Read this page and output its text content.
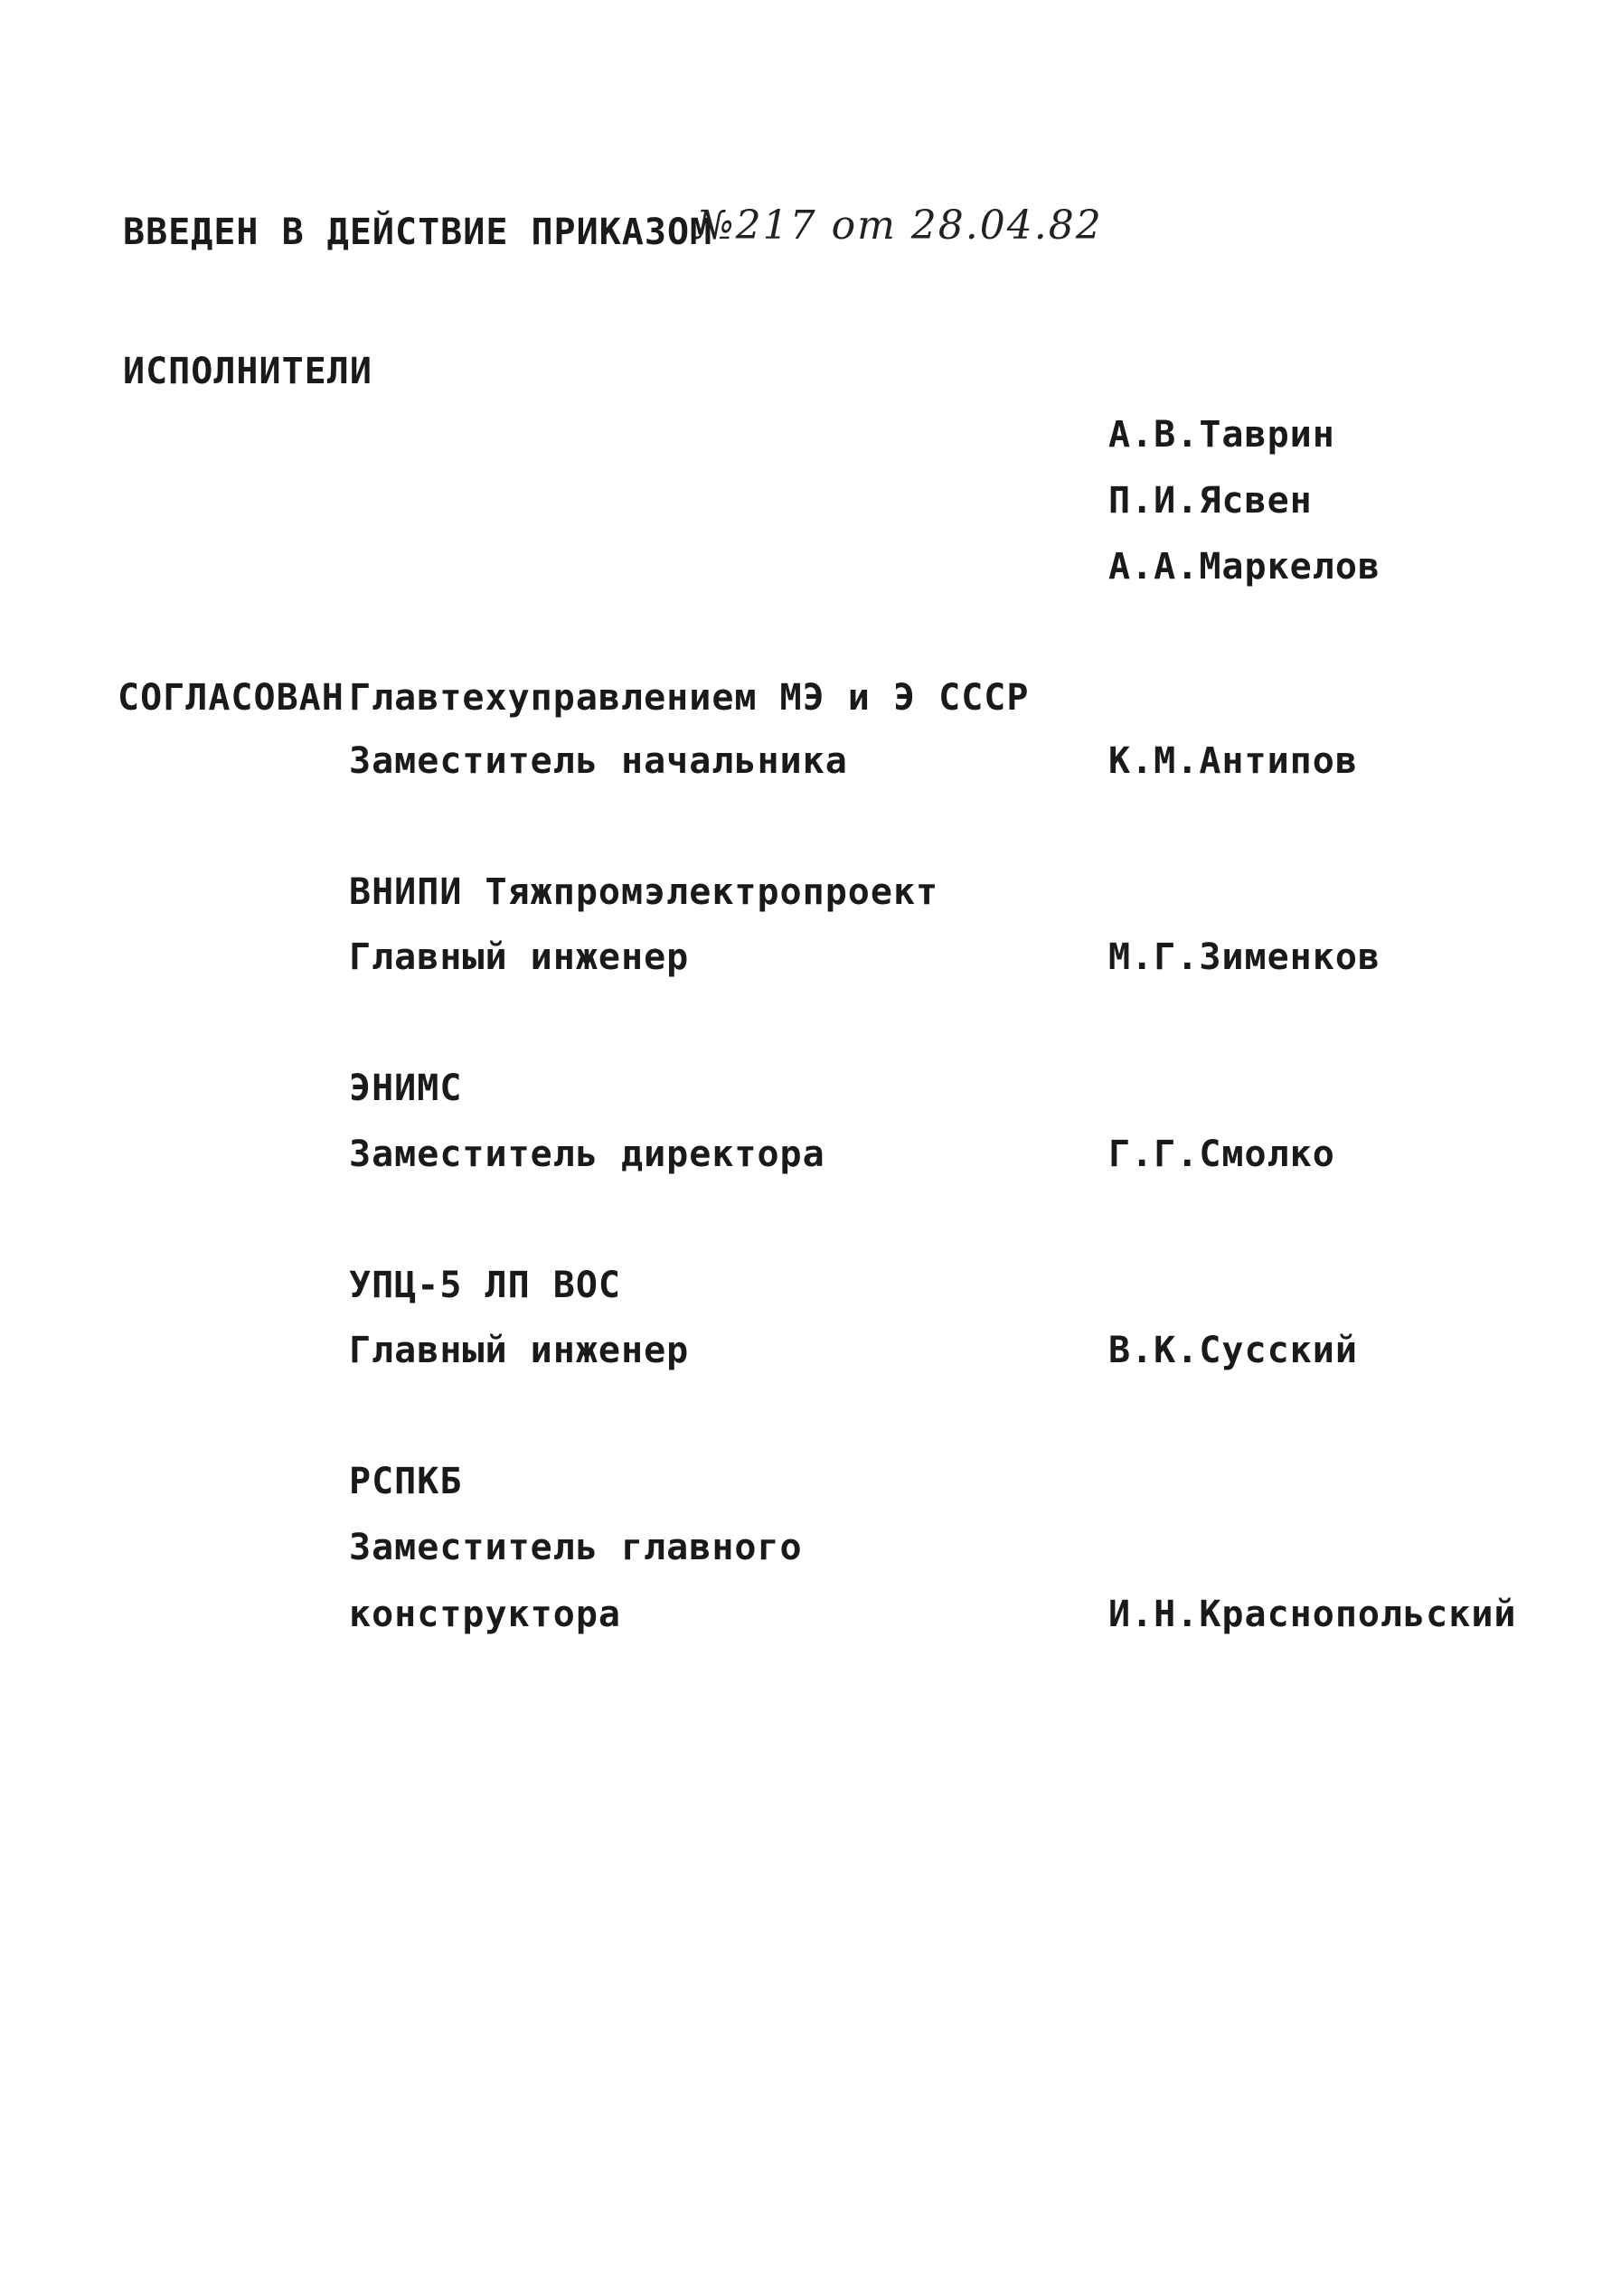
ВВЕДЕН В ДЕЙСТВИЕ ПРИКАЗОМ
№217 от 28.04.82
ИСПОЛНИТЕЛИ
А.В.Таврин
П.И.Ясвен
А.А.Маркелов
СОГЛАСОВАН Главтехуправлением МЭ и Э СССР
Заместитель начальника	К.М.Антипов
ВНИПИ Тяжпромэлектропроект
Главный инженер	М.Г.Зименков
ЭНИМС
Заместитель директора	Г.Г.Смолко
УПЦ-5 ЛП ВОС
Главный инженер	В.К.Сусский
РСПКБ
Заместитель главного
конструктора	И.Н.Краснопольский
